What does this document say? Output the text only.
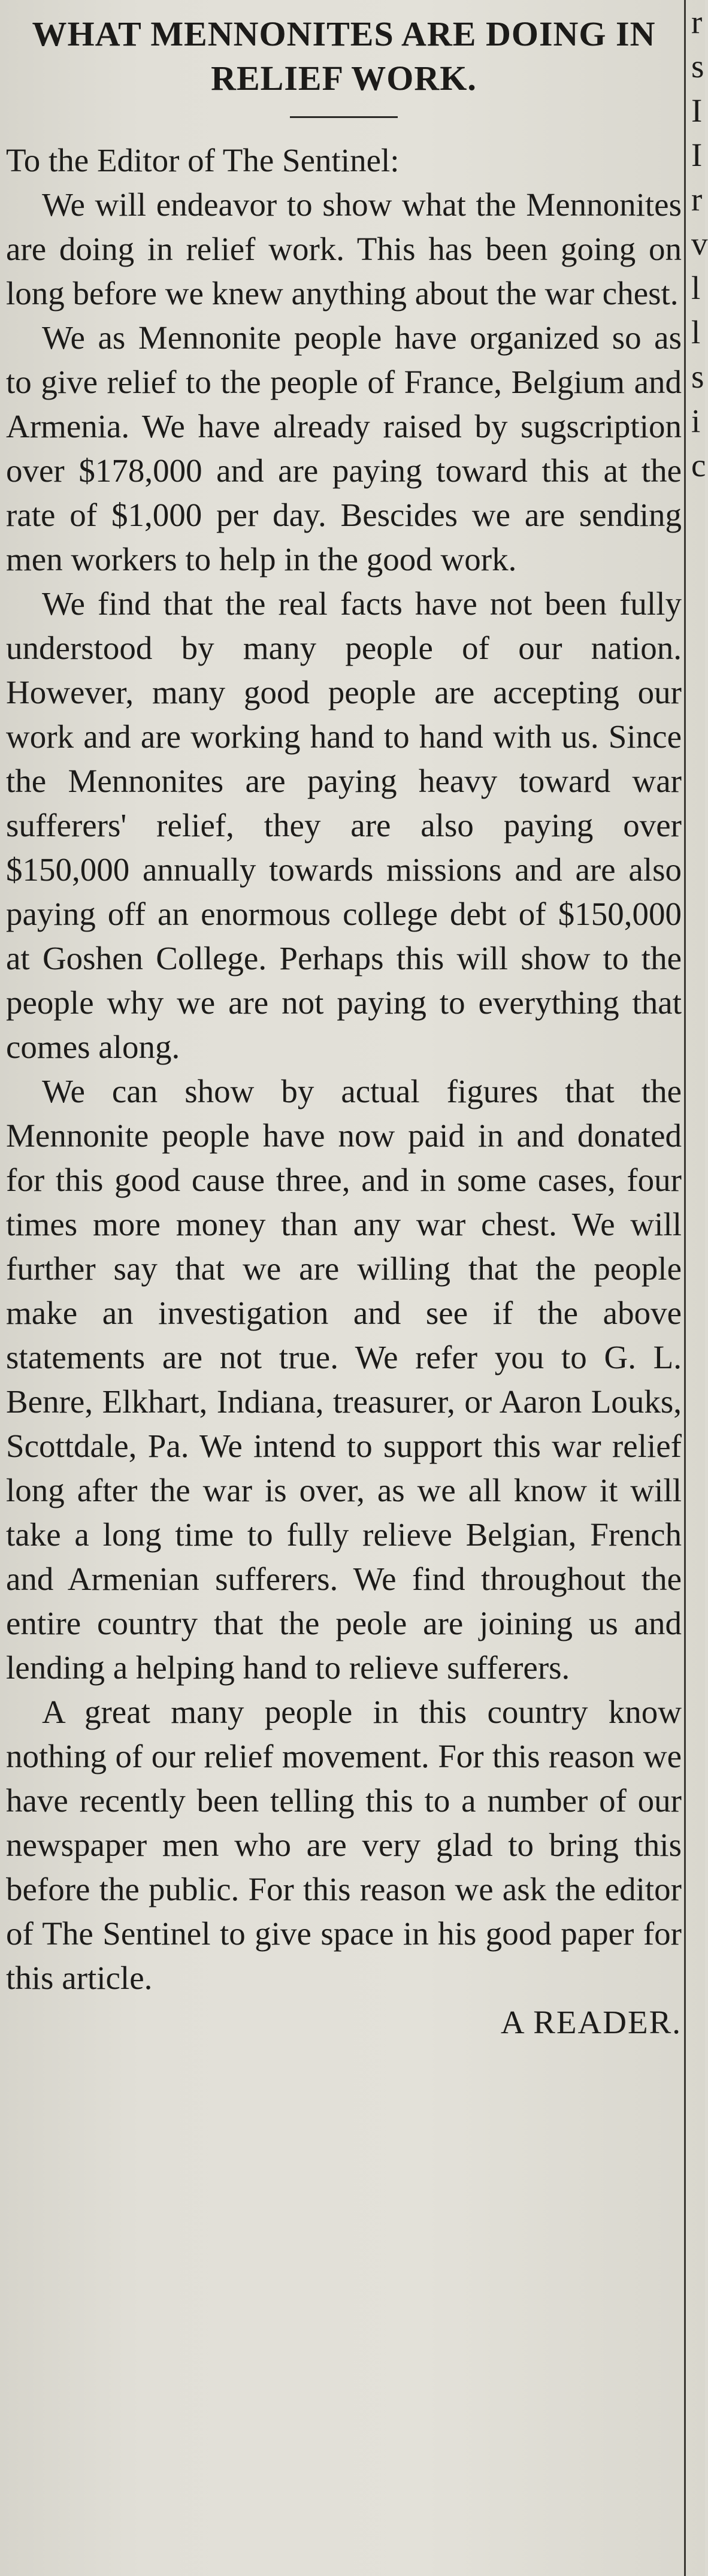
WHAT MENNONITES ARE DOING IN RELIEF WORK.

To the Editor of The Sentinel:

We will endeavor to show what the Mennonites are doing in relief work. This has been going on long before we knew anything about the war chest.

We as Mennonite people have organized so as to give relief to the people of France, Belgium and Armenia. We have already raised by sugscription over $178,000 and are paying toward this at the rate of $1,000 per day. Bescides we are sending men workers to help in the good work.

We find that the real facts have not been fully understood by many people of our nation. However, many good people are accepting our work and are working hand to hand with us. Since the Mennonites are paying heavy toward war sufferers' relief, they are also paying over $150,000 annually towards missions and are also paying off an enormous college debt of $150,000 at Goshen College. Perhaps this will show to the people why we are not paying to everything that comes along.

We can show by actual figures that the Mennonite people have now paid in and donated for this good cause three, and in some cases, four times more money than any war chest. We will further say that we are willing that the people make an investigation and see if the above statements are not true. We refer you to G. L. Benre, Elkhart, Indiana, treasurer, or Aaron Louks, Scottdale, Pa. We intend to support this war relief long after the war is over, as we all know it will take a long time to fully relieve Belgian, French and Armenian sufferers. We find throughout the entire country that the peole are joining us and lending a helping hand to relieve sufferers.

A great many people in this country know nothing of our relief movement. For this reason we have recently been telling this to a number of our newspaper men who are very glad to bring this before the public. For this reason we ask the editor of The Sentinel to give space in his good paper for this article.

A READER.

r
s
I
I
r
v
l
l
s
i
c
